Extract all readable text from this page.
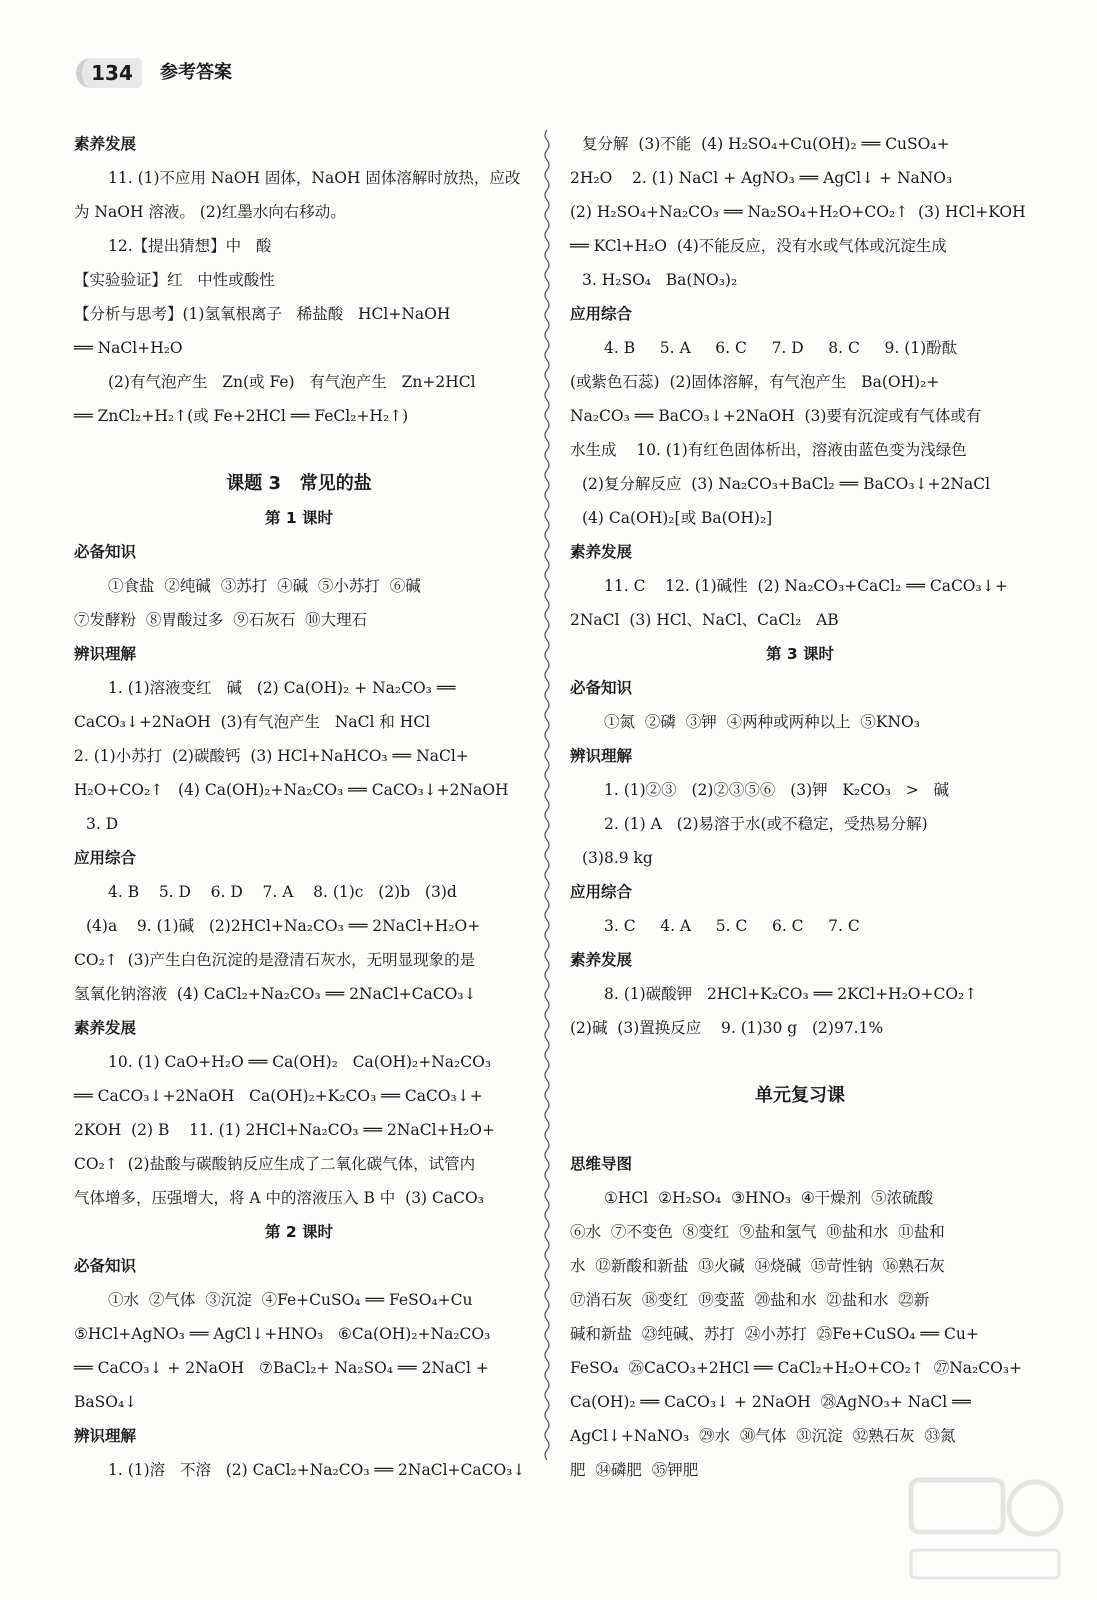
134	参考答案
素养发展
11. (1)不应用 NaOH 固体，NaOH 固体溶解时放热，应改
为 NaOH 溶液。 (2)红墨水向右移动。
12.【提出猜想】中   酸
【实验验证】红   中性或酸性
【分析与思考】(1)氢氧根离子   稀盐酸   HCl+NaOH
══ NaCl+H₂O
(2)有气泡产生   Zn(或 Fe)   有气泡产生   Zn+2HCl
══ ZnCl₂+H₂↑(或 Fe+2HCl ══ FeCl₂+H₂↑)
课题 3   常见的盐
第 1 课时
必备知识
①食盐  ②纯碱  ③苏打  ④碱  ⑤小苏打  ⑥碱
⑦发酵粉  ⑧胃酸过多  ⑨石灰石  ⑩大理石
辨识理解
1. (1)溶液变红   碱   (2) Ca(OH)₂ + Na₂CO₃ ══
CaCO₃↓+2NaOH  (3)有气泡产生   NaCl 和 HCl
2. (1)小苏打  (2)碳酸钙  (3) HCl+NaHCO₃ ══ NaCl+
H₂O+CO₂↑   (4) Ca(OH)₂+Na₂CO₃ ══ CaCO₃↓+2NaOH
3. D
应用综合
4. B    5. D    6. D    7. A    8. (1)c   (2)b   (3)d
(4)a    9. (1)碱   (2)2HCl+Na₂CO₃ ══ 2NaCl+H₂O+
CO₂↑  (3)产生白色沉淀的是澄清石灰水，无明显现象的是
氢氧化钠溶液  (4) CaCl₂+Na₂CO₃ ══ 2NaCl+CaCO₃↓
素养发展
10. (1) CaO+H₂O ══ Ca(OH)₂   Ca(OH)₂+Na₂CO₃
══ CaCO₃↓+2NaOH   Ca(OH)₂+K₂CO₃ ══ CaCO₃↓+
2KOH  (2) B    11. (1) 2HCl+Na₂CO₃ ══ 2NaCl+H₂O+
CO₂↑  (2)盐酸与碳酸钠反应生成了二氧化碳气体，试管内
气体增多，压强增大，将 A 中的溶液压入 B 中  (3) CaCO₃
第 2 课时
必备知识
①水  ②气体  ③沉淀  ④Fe+CuSO₄ ══ FeSO₄+Cu
⑤HCl+AgNO₃ ══ AgCl↓+HNO₃   ⑥Ca(OH)₂+Na₂CO₃
══ CaCO₃↓ + 2NaOH   ⑦BaCl₂+ Na₂SO₄ ══ 2NaCl +
BaSO₄↓
辨识理解
1. (1)溶   不溶   (2) CaCl₂+Na₂CO₃ ══ 2NaCl+CaCO₃↓
复分解  (3)不能  (4) H₂SO₄+Cu(OH)₂ ══ CuSO₄+
2H₂O    2. (1) NaCl + AgNO₃ ══ AgCl↓ + NaNO₃
(2) H₂SO₄+Na₂CO₃ ══ Na₂SO₄+H₂O+CO₂↑  (3) HCl+KOH
══ KCl+H₂O  (4)不能反应，没有水或气体或沉淀生成
3. H₂SO₄   Ba(NO₃)₂
应用综合
4. B     5. A     6. C     7. D     8. C     9. (1)酚酞
(或紫色石蕊)  (2)固体溶解，有气泡产生   Ba(OH)₂+
Na₂CO₃ ══ BaCO₃↓+2NaOH  (3)要有沉淀或有气体或有
水生成    10. (1)有红色固体析出，溶液由蓝色变为浅绿色
(2)复分解反应  (3) Na₂CO₃+BaCl₂ ══ BaCO₃↓+2NaCl
(4) Ca(OH)₂[或 Ba(OH)₂]
素养发展
11. C    12. (1)碱性  (2) Na₂CO₃+CaCl₂ ══ CaCO₃↓+
2NaCl  (3) HCl、NaCl、CaCl₂   AB
第 3 课时
必备知识
①氮  ②磷  ③钾  ④两种或两种以上  ⑤KNO₃
辨识理解
1. (1)②③   (2)②③⑤⑥   (3)钾   K₂CO₃   >   碱
2. (1) A   (2)易溶于水(或不稳定，受热易分解)
(3)8.9 kg
应用综合
3. C     4. A     5. C     6. C     7. C
素养发展
8. (1)碳酸钾   2HCl+K₂CO₃ ══ 2KCl+H₂O+CO₂↑
(2)碱  (3)置换反应    9. (1)30 g   (2)97.1%
单元复习课
思维导图
①HCl  ②H₂SO₄  ③HNO₃  ④干燥剂  ⑤浓硫酸
⑥水  ⑦不变色  ⑧变红  ⑨盐和氢气  ⑩盐和水  ⑪盐和
水  ⑫新酸和新盐  ⑬火碱  ⑭烧碱  ⑮苛性钠  ⑯熟石灰
⑰消石灰  ⑱变红  ⑲变蓝  ⑳盐和水  ㉑盐和水  ㉒新
碱和新盐  ㉓纯碱、苏打  ㉔小苏打  ㉕Fe+CuSO₄ ══ Cu+
FeSO₄  ㉖CaCO₃+2HCl ══ CaCl₂+H₂O+CO₂↑  ㉗Na₂CO₃+
Ca(OH)₂ ══ CaCO₃↓ + 2NaOH  ㉘AgNO₃+ NaCl ══
AgCl↓+NaNO₃  ㉙水  ㉚气体  ㉛沉淀  ㉜熟石灰  ㉝氮
肥  ㉞磷肥  ㉟钾肥
